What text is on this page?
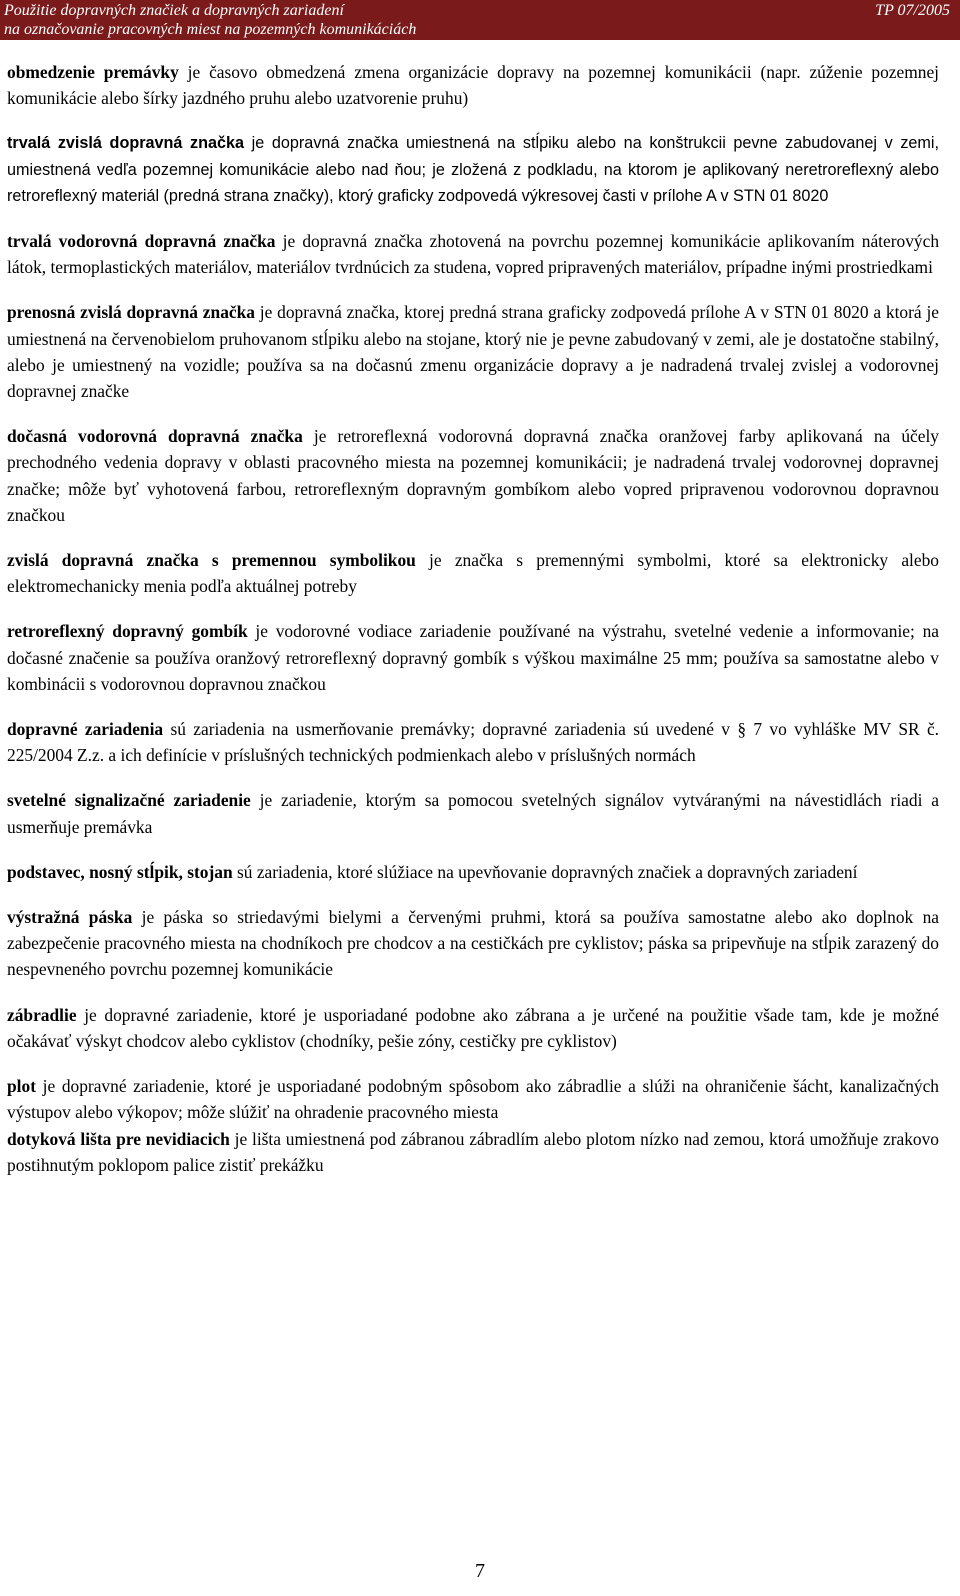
Použitie dopravných značiek a dopravných zariadení
na označovanie pracovných miest na pozemných komunikáciách
TP 07/2005

obmedzenie premávky je časovo obmedzená zmena organizácie dopravy na pozemnej komunikácii (napr. zúženie pozemnej komunikácie alebo šírky jazdného pruhu alebo uzatvorenie pruhu)

trvalá zvislá dopravná značka je dopravná značka umiestnená na stĺpiku alebo na konštrukcii pevne zabudovanej v zemi, umiestnená vedľa pozemnej komunikácie alebo nad ňou; je zložená z podkladu, na ktorom je aplikovaný neretroreflexný alebo retroreflexný materiál (predná strana značky), ktorý graficky zodpovedá výkresovej časti v prílohe A v STN 01 8020

trvalá vodorovná dopravná značka je dopravná značka zhotovená na povrchu pozemnej komunikácie aplikovaním náterových látok, termoplastických materiálov, materiálov tvrdnúcich za studena, vopred pripravených materiálov, prípadne inými prostriedkami

prenosná zvislá dopravná značka je dopravná značka, ktorej predná strana graficky zodpovedá prílohe A v STN 01 8020 a ktorá je umiestnená na červenobielom pruhovanom stĺpiku alebo na stojane, ktorý nie je pevne zabudovaný v zemi, ale je dostatočne stabilný, alebo je umiestnený na vozidle; používa sa na dočasnú zmenu organizácie dopravy a je nadradená trvalej zvislej a vodorovnej dopravnej značke

dočasná vodorovná dopravná značka je retroreflexná vodorovná dopravná značka oranžovej farby aplikovaná na účely prechodného vedenia dopravy v oblasti pracovného miesta na pozemnej komunikácii; je nadradená trvalej vodorovnej dopravnej značke; môže byť vyhotovená farbou, retroreflexným dopravným gombíkom alebo vopred pripravenou vodorovnou dopravnou značkou

zvislá dopravná značka s premennou symbolikou je značka s premennými symbolmi, ktoré sa elektronicky alebo elektromechanicky menia podľa aktuálnej potreby

retroreflexný dopravný gombík je vodorovné vodiace zariadenie používané na výstrahu, svetelné vedenie a informovanie; na dočasné značenie sa používa oranžový retroreflexný dopravný gombík s výškou maximálne 25 mm; používa sa samostatne alebo v kombinácii s vodorovnou dopravnou značkou

dopravné zariadenia sú zariadenia na usmerňovanie premávky; dopravné zariadenia sú uvedené v § 7 vo vyhláške MV SR č. 225/2004 Z.z. a ich definície v príslušných technických podmienkach alebo v príslušných normách

svetelné signalizačné zariadenie je zariadenie, ktorým sa pomocou svetelných signálov vytváranými na návestidlách riadi a usmerňuje premávka

podstavec, nosný stĺpik, stojan sú zariadenia, ktoré slúžiace na upevňovanie dopravných značiek a dopravných zariadení

výstražná páska je páska so striedavými bielymi a červenými pruhmi, ktorá sa používa samostatne alebo ako doplnok na zabezpečenie pracovného miesta na chodníkoch pre chodcov a na cestičkách pre cyklistov; páska sa pripevňuje na stĺpik zarazený do nespevneného povrchu pozemnej komunikácie

zábradlie je dopravné zariadenie, ktoré je usporiadané podobne ako zábrana a je určené na použitie všade tam, kde je možné očakávať výskyt chodcov alebo cyklistov (chodníky, pešie zóny, cestičky pre cyklistov)

plot je dopravné zariadenie, ktoré je usporiadané podobným spôsobom ako zábradlie a slúži na ohraničenie šácht, kanalizačných výstupov alebo výkopov; môže slúžiť na ohradenie pracovného miesta

dotyková lišta pre nevidiacich je lišta umiestnená pod zábranou zábradlím alebo plotom nízko nad zemou, ktorá umožňuje zrakovo postihnutým poklopom palice zistiť prekážku

7
